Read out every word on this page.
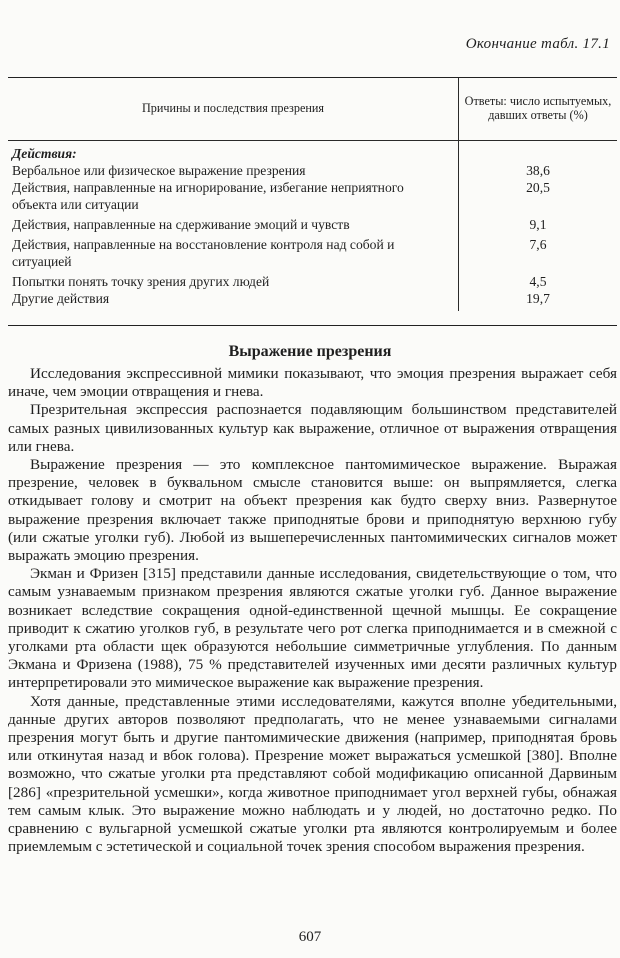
Окончание табл. 17.1
Причины и последствия презрения	Ответы: число испытуемых, давших ответы (%)
Действия:	
Вербальное или физическое выражение презрения	38,6
Действия, направленные на игнорирование, избегание неприятного объекта или ситуации	20,5
Действия, направленные на сдерживание эмоций и чувств	9,1
Действия, направленные на восстановление контроля над собой и ситуацией	7,6
Попытки понять точку зрения других людей	4,5
Другие действия	19,7
Выражение презрения

Исследования экспрессивной мимики показывают, что эмоция презрения выражает себя иначе, чем эмоции отвращения и гнева.

Презрительная экспрессия распознается подавляющим большинством представителей самых разных цивилизованных культур как выражение, отличное от выражения отвращения или гнева.

Выражение презрения — это комплексное пантомимическое выражение. Выражая презрение, человек в буквальном смысле становится выше: он выпрямляется, слегка откидывает голову и смотрит на объект презрения как будто сверху вниз. Развернутое выражение презрения включает также приподнятые брови и приподнятую верхнюю губу (или сжатые уголки губ). Любой из вышеперечисленных пантомимических сигналов может выражать эмоцию презрения.

Экман и Фризен [315] представили данные исследования, свидетельствующие о том, что самым узнаваемым признаком презрения являются сжатые уголки губ. Данное выражение возникает вследствие сокращения одной-единственной щечной мышцы. Ее сокращение приводит к сжатию уголков губ, в результате чего рот слегка приподнимается и в смежной с уголками рта области щек образуются небольшие симметричные углубления. По данным Экмана и Фризена (1988), 75 % представителей изученных ими десяти различных культур интерпретировали это мимическое выражение как выражение презрения.

Хотя данные, представленные этими исследователями, кажутся вполне убедительными, данные других авторов позволяют предполагать, что не менее узнаваемыми сигналами презрения могут быть и другие пантомимические движения (например, приподнятая бровь или откинутая назад и вбок голова). Презрение может выражаться усмешкой [380]. Вполне возможно, что сжатые уголки рта представляют собой модификацию описанной Дарвиным [286] «презрительной усмешки», когда животное приподнимает угол верхней губы, обнажая тем самым клык. Это выражение можно наблюдать и у людей, но достаточно редко. По сравнению с вульгарной усмешкой сжатые уголки рта являются контролируемым и более приемлемым с эстетической и социальной точек зрения способом выражения презрения.

607
